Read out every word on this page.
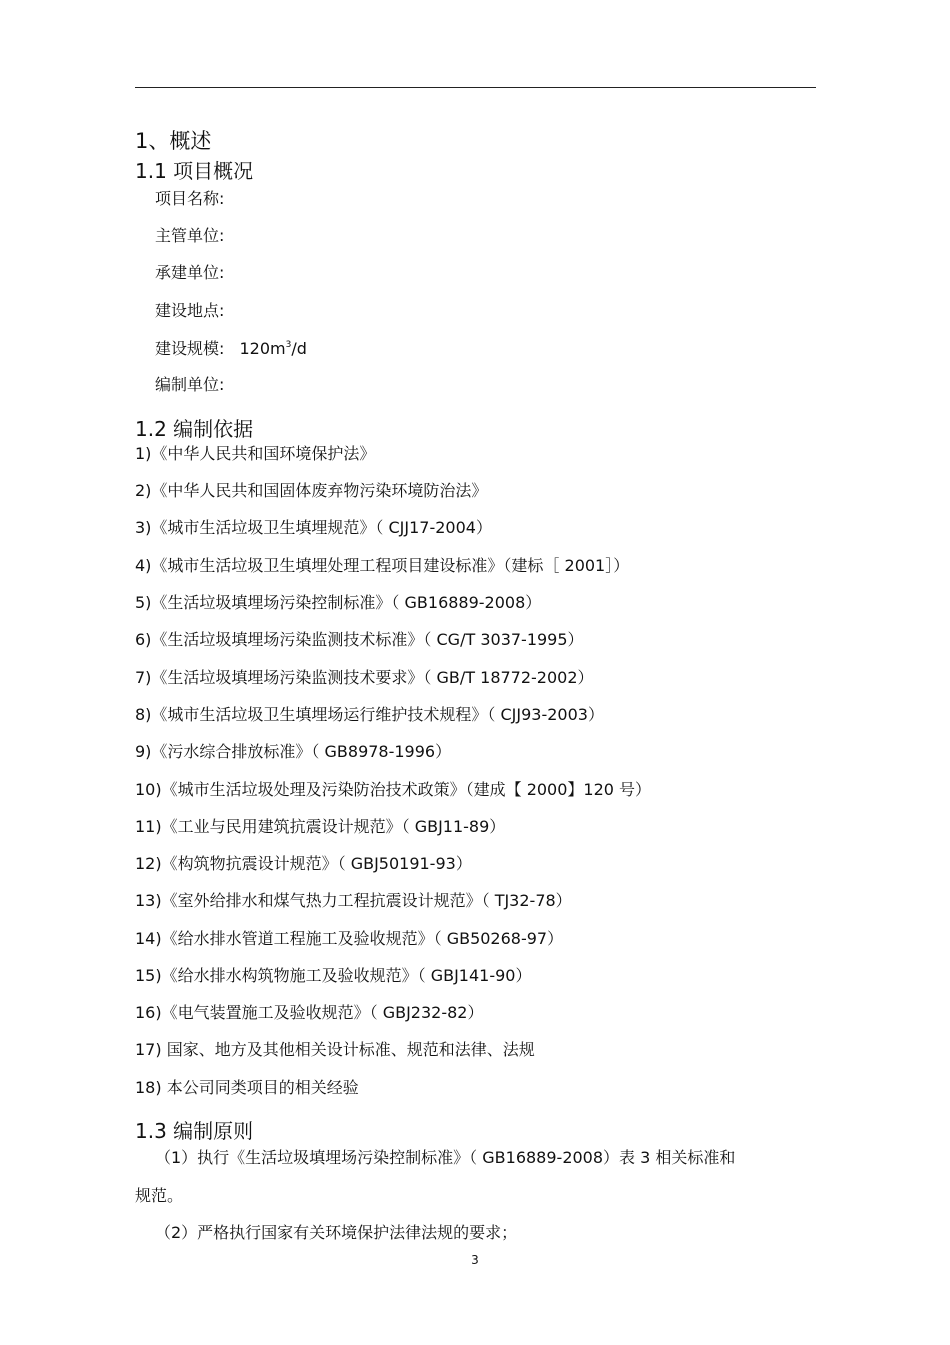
1、概述
1.1 项目概况
项目名称:
主管单位:
承建单位:
建设地点:
建设规模: $120m^3/d$
编制单位:
1.2 编制依据
1)《中华人民共和国环境保护法》
2)《中华人民共和国固体废弃物污染环境防治法》
3)《城市生活垃圾卫生填埋规范》（ CJJ17-2004）
4)《城市生活垃圾卫生填埋处理工程项目建设标准》（建标［ 2001］）
5)《生活垃圾填埋场污染控制标准》（ GB16889-2008）
6)《生活垃圾填埋场污染监测技术标准》（ CG/T 3037-1995）
7)《生活垃圾填埋场污染监测技术要求》（ GB/T 18772-2002）
8)《城市生活垃圾卫生填埋场运行维护技术规程》（ CJJ93-2003）
9)《污水综合排放标准》（ GB8978-1996）
10)《城市生活垃圾处理及污染防治技术政策》（建成【 2000】120 号）
11)《工业与民用建筑抗震设计规范》（ GBJ11-89）
12)《构筑物抗震设计规范》（ GBJ50191-93）
13)《室外给排水和煤气热力工程抗震设计规范》（ TJ32-78）
14)《给水排水管道工程施工及验收规范》（ GB50268-97）
15)《给水排水构筑物施工及验收规范》（ GBJ141-90）
16)《电气装置施工及验收规范》（ GBJ232-82）
17) 国家、地方及其他相关设计标准、规范和法律、法规
18) 本公司同类项目的相关经验
1.3 编制原则
（1）执行《生活垃圾填埋场污染控制标准》（ GB16889-2008）表 3 相关标准和
规范。
（2）严格执行国家有关环境保护法律法规的要求；
3
